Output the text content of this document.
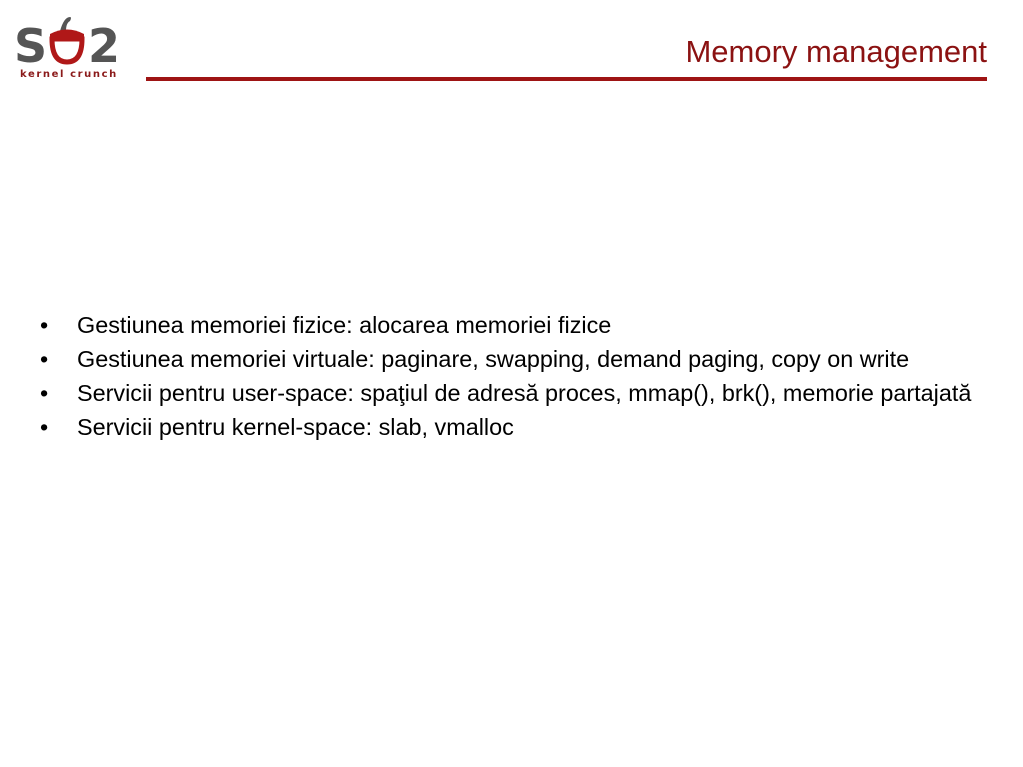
S 2
kernel crunch
Memory management
• Gestiunea memoriei fizice: alocarea memoriei fizice
• Gestiunea memoriei virtuale: paginare, swapping, demand paging, copy on write
• Servicii pentru user-space: spaţiul de adresă proces, mmap(), brk(), memorie partajată
• Servicii pentru kernel-space: slab, vmalloc
